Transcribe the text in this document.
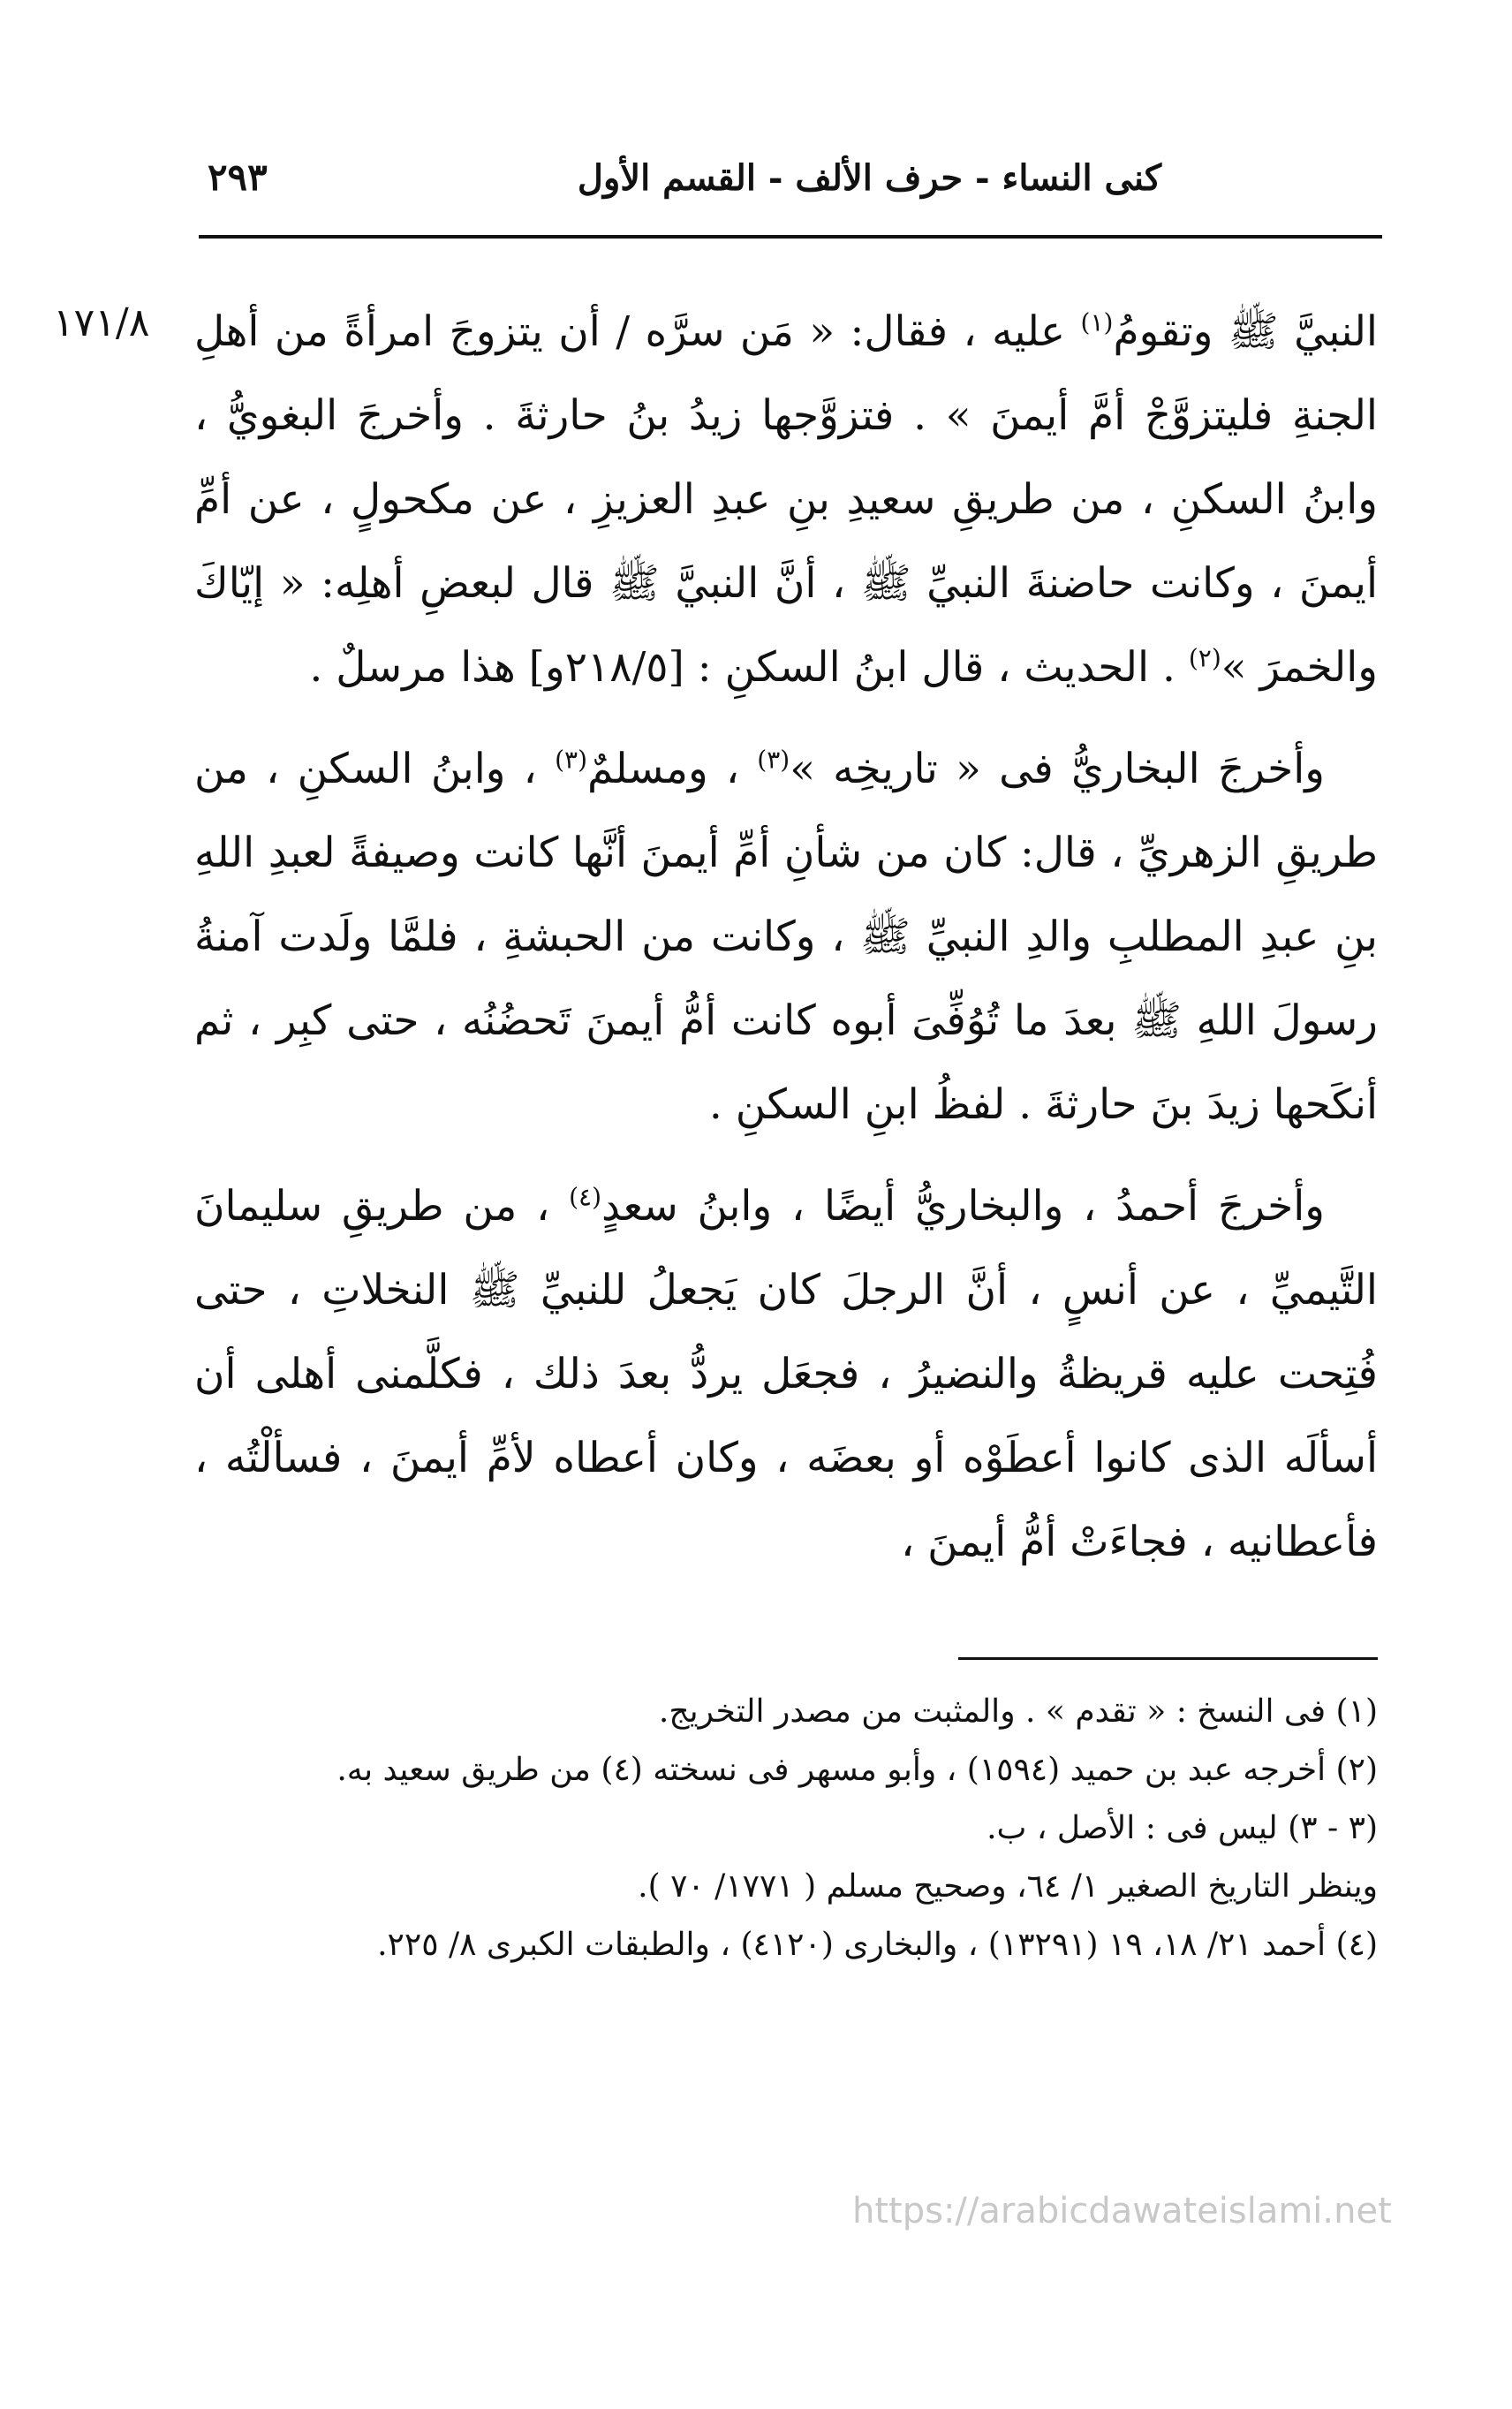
كنى النساء - حرف الألف - القسم الأول
٢٩٣
١٧١/٨	النبيَّ ﷺ وتقومُ$^{(١)}$ عليه ، فقال: « مَن سرَّه / أن يتزوجَ امرأةً من أهلِ الجنةِ فليتزوَّجْ أمَّ أيمنَ » . فتزوَّجها زيدُ بنُ حارثةَ . وأخرجَ البغويُّ ، وابنُ السكنِ ، من طريقِ سعيدِ بنِ عبدِ العزيزِ ، عن مكحولٍ ، عن أمِّ أيمنَ ، وكانت حاضنةَ النبيِّ ﷺ ، أنَّ النبيَّ ﷺ قال لبعضِ أهلِه: « إيّاكَ والخمرَ »$^{(٢)}$ . الحديث ، قال ابنُ السكنِ : [٢١٨/٥و] هذا مرسلٌ .

وأخرجَ البخاريُّ فى « تاريخِه »$^{(٣)}$ ، ومسلمٌ$^{(٣)}$ ، وابنُ السكنِ ، من طريقِ الزهريِّ ، قال: كان من شأنِ أمِّ أيمنَ أنَّها كانت وصيفةً لعبدِ اللهِ بنِ عبدِ المطلبِ والدِ النبيِّ ﷺ ، وكانت من الحبشةِ ، فلمَّا ولَدت آمنةُ رسولَ اللهِ ﷺ بعدَ ما تُوُفِّىَ أبوه كانت أمُّ أيمنَ تَحضُنُه ، حتى كبِر ، ثم أنكَحها زيدَ بنَ حارثةَ . لفظُ ابنِ السكنِ .

وأخرجَ أحمدُ ، والبخاريُّ أيضًا ، وابنُ سعدٍ$^{(٤)}$ ، من طريقِ سليمانَ التَّيميِّ ، عن أنسٍ ، أنَّ الرجلَ كان يَجعلُ للنبيِّ ﷺ النخلاتِ ، حتى فُتِحت عليه قريظةُ والنضيرُ ، فجعَل يردُّ بعدَ ذلك ، فكلَّمنى أهلى أن أسألَه الذى كانوا أعطَوْه أو بعضَه ، وكان أعطاه لأمِّ أيمنَ ، فسألْتُه ، فأعطانيه ، فجاءَتْ أمُّ أيمنَ ،

(١) فى النسخ : « تقدم » . والمثبت من مصدر التخريج.
(٢) أخرجه عبد بن حميد (١٥٩٤) ، وأبو مسهر فى نسخته (٤) من طريق سعيد به.
(٣ - ٣) ليس فى : الأصل ، ب.
وينظر التاريخ الصغير ١/ ٦٤، وصحيح مسلم ( ١٧٧١/ ٧٠ ).
(٤) أحمد ٢١/ ١٨، ١٩ (١٣٢٩١) ، والبخارى (٤١٢٠) ، والطبقات الكبرى ٨/ ٢٢٥.
https://arabicdawateislami.net
